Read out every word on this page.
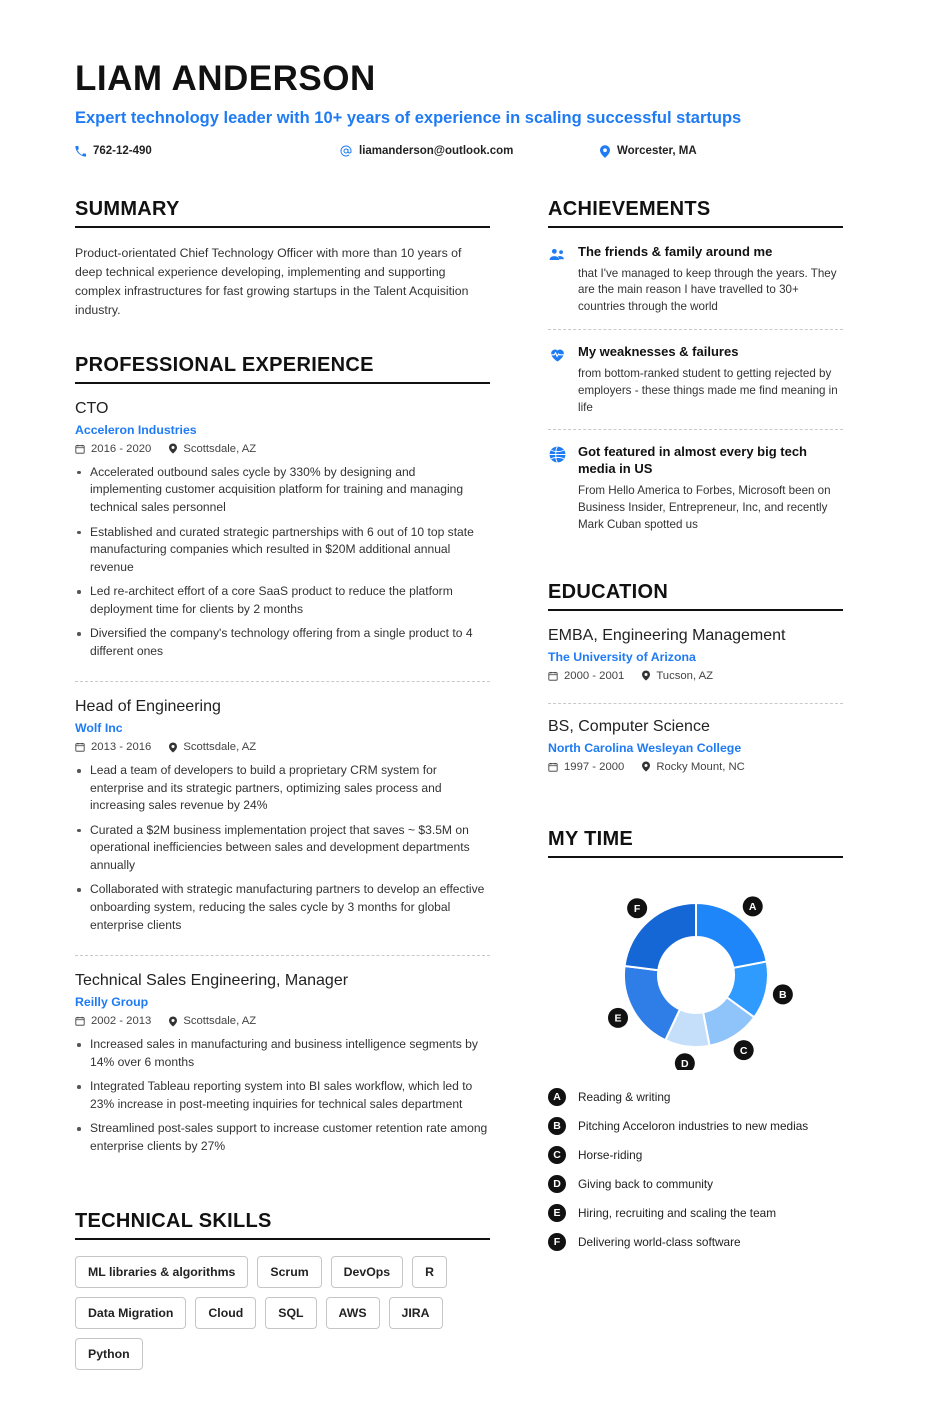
LIAM ANDERSON
Expert technology leader with 10+ years of experience in scaling successful startups
762-12-490	liamanderson@outlook.com	Worcester, MA
SUMMARY
Product-orientated Chief Technology Officer with more than 10 years of deep technical experience developing, implementing and supporting complex infrastructures for fast growing startups in the Talent Acquisition industry.
PROFESSIONAL EXPERIENCE
CTO
Acceleron Industries
2016 - 2020	Scottsdale, AZ
Accelerated outbound sales cycle by 330% by designing and implementing customer acquisition platform for training and managing technical sales personnel
Established and curated strategic partnerships with 6 out of 10 top state manufacturing companies which resulted in $20M additional annual revenue
Led re-architect effort of a core SaaS product to reduce the platform deployment time for clients by 2 months
Diversified the company's technology offering from a single product to 4 different ones
Head of Engineering
Wolf Inc
2013 - 2016	Scottsdale, AZ
Lead a team of developers to build a proprietary CRM system for enterprise and its strategic partners, optimizing sales process and increasing sales revenue by 24%
Curated a $2M business implementation project that saves ~ $3.5M on operational inefficiencies between sales and development departments annually
Collaborated with strategic manufacturing partners to develop an effective onboarding system, reducing the sales cycle by 3 months for global enterprise clients
Technical Sales Engineering, Manager
Reilly Group
2002 - 2013	Scottsdale, AZ
Increased sales in manufacturing and business intelligence segments by 14% over 6 months
Integrated Tableau reporting system into BI sales workflow, which led to 23% increase in post-meeting inquiries for technical sales department
Streamlined post-sales support to increase customer retention rate among enterprise clients by 27%
TECHNICAL SKILLS
ML libraries & algorithms	Scrum	DevOps	R
Data Migration	Cloud	SQL	AWS	JIRA
Python
ACHIEVEMENTS
The friends & family around me
that I've managed to keep through the years. They are the main reason I have travelled to 30+ countries through the world
My weaknesses & failures
from bottom-ranked student to getting rejected by employers - these things made me find meaning in life
Got featured in almost every big tech media in US
From Hello America to Forbes, Microsoft been on Business Insider, Entrepreneur, Inc, and recently Mark Cuban spotted us
EDUCATION
EMBA, Engineering Management
The University of Arizona
2000 - 2001	Tucson, AZ
BS, Computer Science
North Carolina Wesleyan College
1997 - 2000	Rocky Mount, NC
MY TIME
A
B
C
D
E
F
A	Reading & writing
B	Pitching Acceloron industries to new medias
C	Horse-riding
D	Giving back to community
E	Hiring, recruiting and scaling the team
F	Delivering world-class software
